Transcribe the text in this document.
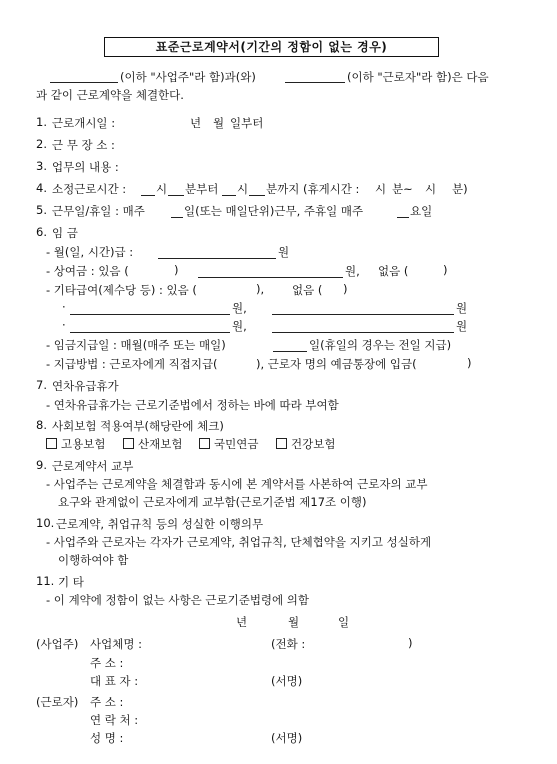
표준근로계약서(기간의 정함이 없는 경우)
(이하 "사업주"라 함)과(와)	(이하 "근로자"라 함)은 다음
과 같이 근로계약을 체결한다.
1. 근로개시일 :	년 월 일부터
2. 근 무 장 소 :
3. 업무의 내용 :
4. 소정근로시간 :	시 분부터 시 분까지 (휴게시간 : 시 분~ 시 분)
5. 근무일/휴일 : 매주	일(또는 매일단위)근무, 주휴일 매주	요일
6. 임 금
- 월(일, 시간)급 :	원
- 상여금 : 있음 (	)	원, 없음 (	)
- 기타급여(제수당 등) : 있음 (	), 없음 ( )
·	원,	원
·	원,	원
- 임금지급일 : 매월(매주 또는 매일)	일(휴일의 경우는 전일 지급)
- 지급방법 : 근로자에게 직접지급(	), 근로자 명의 예금통장에 입금(	)
7. 연차유급휴가
- 연차유급휴가는 근로기준법에서 정하는 바에 따라 부여함
8. 사회보험 적용여부(해당란에 체크)
고용보험	산재보험	국민연금	건강보험
9. 근로계약서 교부
- 사업주는 근로계약을 체결함과 동시에 본 계약서를 사본하여 근로자의 교부
요구와 관계없이 근로자에게 교부함(근로기준법 제17조 이행)
10. 근로계약, 취업규칙 등의 성실한 이행의무
- 사업주와 근로자는 각자가 근로계약, 취업규칙, 단체협약을 지키고 성실하게
이행하여야 함
11. 기 타
- 이 계약에 정함이 없는 사항은 근로기준법령에 의함
년	월	일
(사업주) 사업체명 :	(전화 :	)
주 소 :
대 표 자 :	(서명)
(근로자) 주 소 :
연 락 처 :
성 명 :	(서명)
